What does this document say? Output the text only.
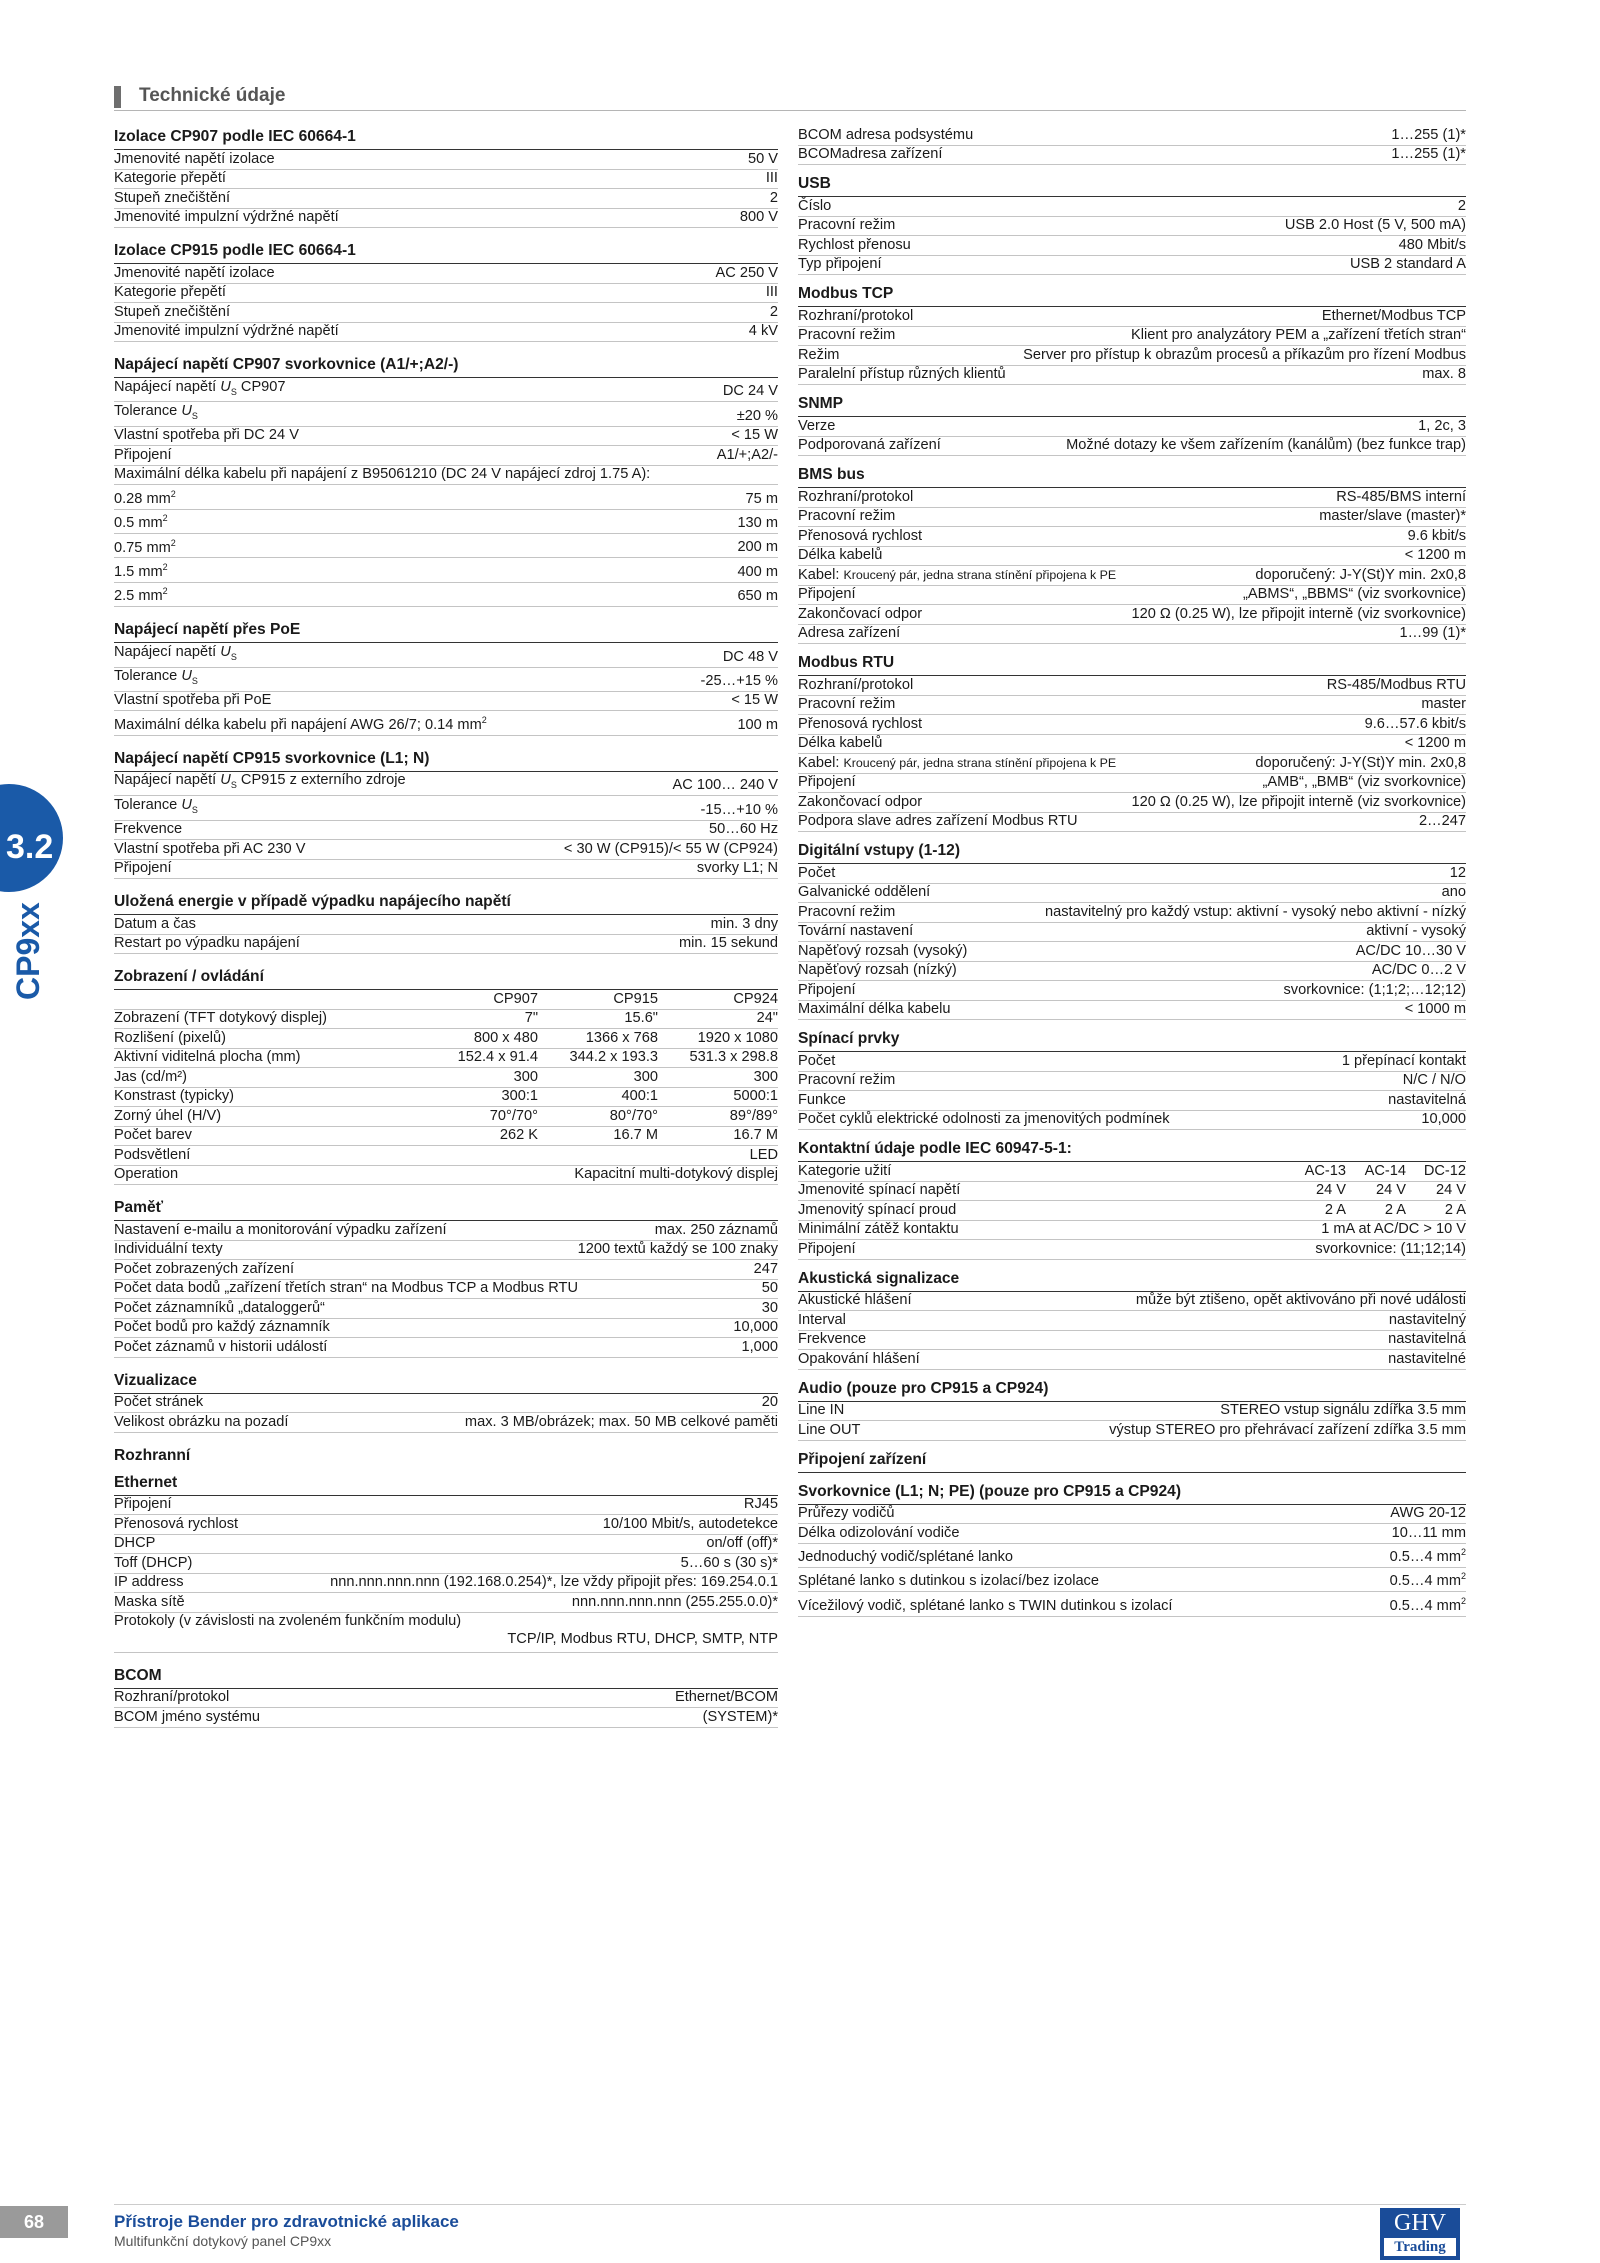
Technické údaje
3.2
CP9xx
Izolace CP907 podle IEC 60664-1
Jmenovité napětí izolace	50 V
Kategorie přepětí	III
Stupeň znečištění	2
Jmenovité impulzní výdržné napětí	800 V
Izolace CP915 podle IEC 60664-1
Jmenovité napětí izolace	AC 250 V
Kategorie přepětí	III
Stupeň znečištění	2
Jmenovité impulzní výdržné napětí	4 kV
Napájecí napětí CP907 svorkovnice (A1/+;A2/-)
Napájecí napětí $U_S$ CP907	DC 24 V
Tolerance $U_S$	±20 %
Vlastní spotřeba při DC 24 V	< 15 W
Připojení	A1/+;A2/-
Maximální délka kabelu při napájení z B95061210 (DC 24 V napájecí zdroj 1.75 A):
0.28 $mm^2$	75 m
0.5 $mm^2$	130 m
0.75 $mm^2$	200 m
1.5 $mm^2$	400 m
2.5 $mm^2$	650 m
Napájecí napětí přes PoE
Napájecí napětí $U_S$	DC 48 V
Tolerance $U_S$	-25…+15 %
Vlastní spotřeba při PoE	< 15 W
Maximální délka kabelu při napájení AWG 26/7; 0.14 $mm^2$	100 m
Napájecí napětí CP915 svorkovnice (L1; N)
Napájecí napětí $U_S$ CP915 z externího zdroje	AC 100… 240 V
Tolerance $U_S$	-15…+10 %
Frekvence	50…60 Hz
Vlastní spotřeba při AC 230 V	< 30 W (CP915)/< 55 W (CP924)
Připojení	svorky L1; N
Uložená energie v případě výpadku napájecího napětí
Datum a čas	min. 3 dny
Restart po výpadku napájení	min. 15 sekund
Zobrazení / ovládání
CP907	CP915	CP924
Zobrazení (TFT dotykový displej)	7"	15.6"	24"
Rozlišení (pixelů)	800 x 480	1366 x 768	1920 x 1080
Aktivní viditelná plocha (mm)	152.4 x 91.4	344.2 x 193.3	531.3 x 298.8
Jas (cd/m²)	300	300	300
Konstrast (typicky)	300:1	400:1	5000:1
Zorný úhel (H/V)	70°/70°	80°/70°	89°/89°
Počet barev	262 K	16.7 M	16.7 M
Podsvětlení	LED
Operation	Kapacitní multi-dotykový displej
Paměť
Nastavení e-mailu a monitorování výpadku zařízení	max. 250 záznamů
Individuální texty	1200 textů každý se 100 znaky
Počet zobrazených zařízení	247
Počet data bodů „zařízení třetích stran“ na Modbus TCP a Modbus RTU	50
Počet záznamníků „dataloggerů“	30
Počet bodů pro každý záznamník	10,000
Počet záznamů v historii událostí	1,000
Vizualizace
Počet stránek	20
Velikost obrázku na pozadí	max. 3 MB/obrázek; max. 50 MB celkové paměti
Rozhranní
Ethernet
Připojení	RJ45
Přenosová rychlost	10/100 Mbit/s, autodetekce
DHCP	on/off (off)*
Toff (DHCP)	5…60 s (30 s)*
IP address	nnn.nnn.nnn.nnn (192.168.0.254)*, lze vždy připojit přes: 169.254.0.1
Maska sítě	nnn.nnn.nnn.nnn (255.255.0.0)*
Protokoly (v závislosti na zvoleném funkčním modulu)
TCP/IP, Modbus RTU, DHCP, SMTP, NTP
BCOM
Rozhraní/protokol	Ethernet/BCOM
BCOM jméno systému	(SYSTEM)*
BCOM adresa podsystému	1…255 (1)*
BCOMadresa zařízení	1…255 (1)*
USB
Číslo	2
Pracovní režim	USB 2.0 Host (5 V, 500 mA)
Rychlost přenosu	480 Mbit/s
Typ připojení	USB 2 standard A
Modbus TCP
Rozhraní/protokol	Ethernet/Modbus TCP
Pracovní režim	Klient pro analyzátory PEM a „zařízení třetích stran“
Režim	Server pro přístup k obrazům procesů a příkazům pro řízení Modbus
Paralelní přístup různých klientů	max. 8
SNMP
Verze	1, 2c, 3
Podporovaná zařízení	Možné dotazy ke všem zařízením (kanálům) (bez funkce trap)
BMS bus
Rozhraní/protokol	RS-485/BMS interní
Pracovní režim	master/slave (master)*
Přenosová rychlost	9.6 kbit/s
Délka kabelů	< 1200 m
Kabel: Kroucený pár, jedna strana stínění připojena k PE	doporučený: J-Y(St)Y min. 2x0,8
Připojení	„ABMS“, „BBMS“ (viz svorkovnice)
Zakončovací odpor	120 Ω (0.25 W), lze připojit interně (viz svorkovnice)
Adresa zařízení	1…99 (1)*
Modbus RTU
Rozhraní/protokol	RS-485/Modbus RTU
Pracovní režim	master
Přenosová rychlost	9.6…57.6 kbit/s
Délka kabelů	< 1200 m
Kabel: Kroucený pár, jedna strana stínění připojena k PE	doporučený: J-Y(St)Y min. 2x0,8
Připojení	„AMB“, „BMB“ (viz svorkovnice)
Zakončovací odpor	120 Ω (0.25 W), lze připojit interně (viz svorkovnice)
Podpora slave adres zařízení Modbus RTU	2…247
Digitální vstupy (1-12)
Počet	12
Galvanické oddělení	ano
Pracovní režim	nastavitelný pro každý vstup: aktivní - vysoký nebo aktivní - nízký
Tovární nastavení	aktivní - vysoký
Napěťový rozsah (vysoký)	AC/DC 10…30 V
Napěťový rozsah (nízký)	AC/DC 0…2 V
Připojení	svorkovnice: (1;1;2;…12;12)
Maximální délka kabelu	< 1000 m
Spínací prvky
Počet	1 přepínací kontakt
Pracovní režim	N/C / N/O
Funkce	nastavitelná
Počet cyklů elektrické odolnosti za jmenovitých podmínek	10,000
Kontaktní údaje podle IEC 60947-5-1:
Kategorie užití	AC-13	AC-14	DC-12
Jmenovité spínací napětí	24 V	24 V	24 V
Jmenovitý spínací proud	2 A	2 A	2 A
Minimální zátěž kontaktu	1 mA at AC/DC > 10 V
Připojení	svorkovnice: (11;12;14)
Akustická signalizace
Akustické hlášení	může být ztišeno, opět aktivováno při nové události
Interval	nastavitelný
Frekvence	nastavitelná
Opakování hlášení	nastavitelné
Audio (pouze pro CP915 a CP924)
Line IN	STEREO vstup signálu zdířka 3.5 mm
Line OUT	výstup STEREO pro přehrávací zařízení zdířka 3.5 mm
Připojení zařízení
Svorkovnice (L1; N; PE) (pouze pro CP915 a CP924)
Průřezy vodičů	AWG 20-12
Délka odizolování vodiče	10…11 mm
Jednoduchý vodič/splétané lanko	0.5…4 $mm^2$
Splétané lanko s dutinkou s izolací/bez izolace	0.5…4 $mm^2$
Vícežilový vodič, splétané lanko s TWIN dutinkou s izolací	0.5…4 $mm^2$
68	Přístroje Bender pro zdravotnické aplikace
Multifunkční dotykový panel CP9xx
GHV
Trading
